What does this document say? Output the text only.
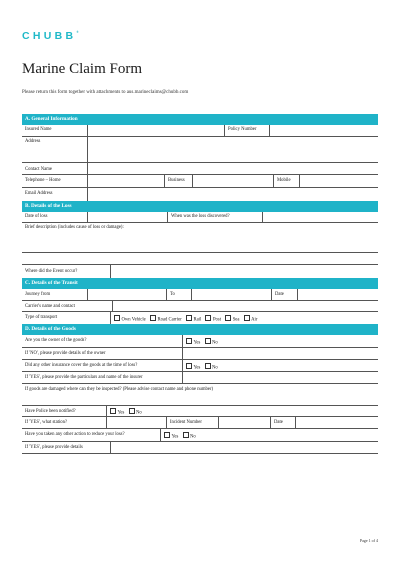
CHUBB®
Marine Claim Form
Please return this form together with attachments to aus.marineclaims@chubb.com
A. General Information
Insured Name	Policy Number
Address
Contact Name
Telephone – Home	Business	Mobile
Email Address
B. Details of the Loss
Date of loss	When was the loss discovered?
Brief description (includes cause of loss or damage):
Where did the Event occur?
C. Details of the Transit
Journey from	To	Date
Carrier's name and contact
Type of transport	Own Vehicle Road Carrier Rail Post Sea Air
D. Details of the Goods
Are you the owner of the goods?	Yes No
If 'NO', please provide details of the owner
Did any other insurance cover the goods at the time of loss?	Yes No
If 'YES', please provide the particulars and name of the insurer
If goods are damaged where can they be inspected? (Please advise contact name and phone number)
Have Police been notified?	Yes No
If 'YES', what station?	Incident Number	Date
Have you taken any other action to reduce your loss?	Yes No
If 'YES', please provide details
Page 1 of 4
